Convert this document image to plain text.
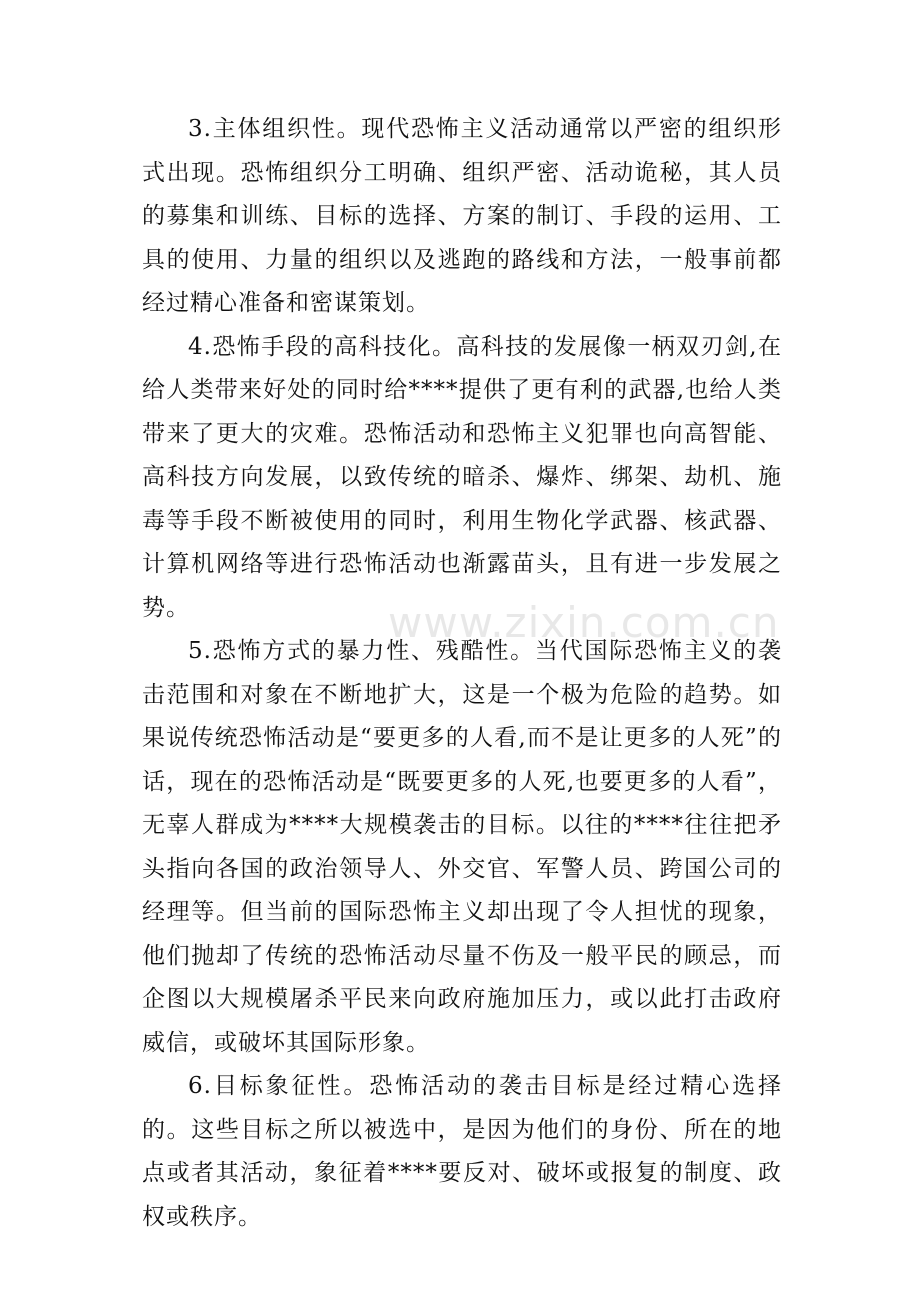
3.主体组织性。现代恐怖主义活动通常以严密的组织形式出现。恐怖组织分工明确、组织严密、活动诡秘，其人员的募集和训练、目标的选择、方案的制订、手段的运用、工具的使用、力量的组织以及逃跑的路线和方法，一般事前都经过精心准备和密谋策划。

4.恐怖手段的高科技化。高科技的发展像一柄双刃剑,在给人类带来好处的同时给****提供了更有利的武器,也给人类带来了更大的灾难。恐怖活动和恐怖主义犯罪也向高智能、高科技方向发展，以致传统的暗杀、爆炸、绑架、劫机、施毒等手段不断被使用的同时，利用生物化学武器、核武器、计算机网络等进行恐怖活动也渐露苗头，且有进一步发展之势。

5.恐怖方式的暴力性、残酷性。当代国际恐怖主义的袭击范围和对象在不断地扩大，这是一个极为危险的趋势。如果说传统恐怖活动是“要更多的人看,而不是让更多的人死”的话，现在的恐怖活动是“既要更多的人死,也要更多的人看”，无辜人群成为****大规模袭击的目标。以往的****往往把矛头指向各国的政治领导人、外交官、军警人员、跨国公司的经理等。但当前的国际恐怖主义却出现了令人担忧的现象，他们抛却了传统的恐怖活动尽量不伤及一般平民的顾忌，而企图以大规模屠杀平民来向政府施加压力，或以此打击政府威信，或破坏其国际形象。

6.目标象征性。恐怖活动的袭击目标是经过精心选择的。这些目标之所以被选中，是因为他们的身份、所在的地点或者其活动，象征着****要反对、破坏或报复的制度、政权或秩序。

www.zixin.com.cn
